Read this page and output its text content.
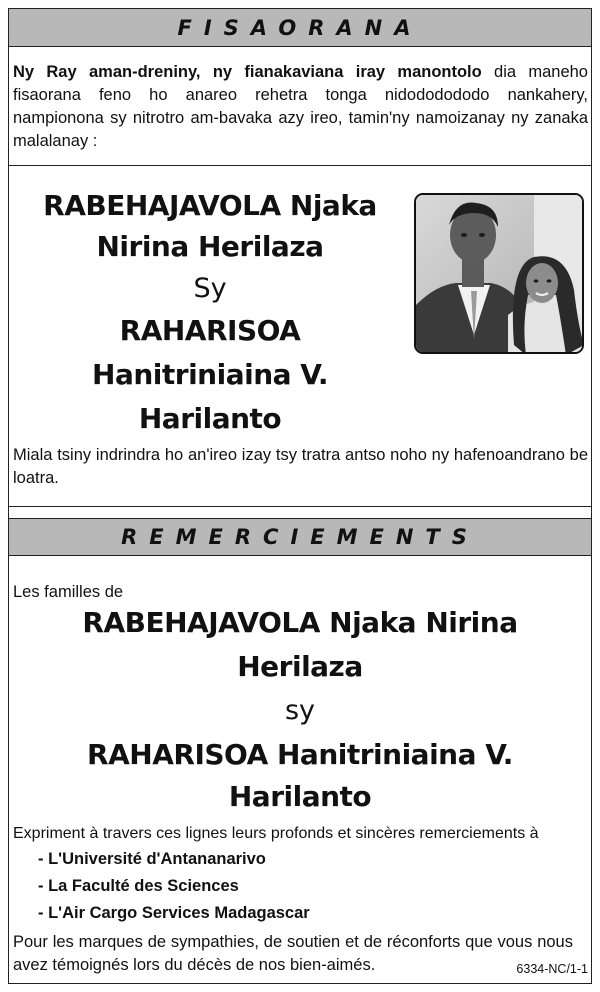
FISAORANA
Ny Ray aman-dreniny, ny fianakaviana iray manontolo dia maneho fisaorana feno ho anareo rehetra tonga nidododododo nankahery, nampionona sy nitrotro am-bavaka azy ireo, tamin'ny namoizanay ny zanaka malalanay :
RABEHAJAVOLA Njaka
Nirina Herilaza
Sy
RAHARISOA
Hanitriniaina V.
Harilanto
Miala tsiny indrindra ho an'ireo izay tsy tratra antso noho ny hafenoandrano be loatra.
REMERCIEMENTS
Les familles de
RABEHAJAVOLA Njaka Nirina
Herilaza
sy
RAHARISOA Hanitriniaina V.
Harilanto
Expriment à travers ces lignes leurs profonds et sincères remerciements à
- L'Université d'Antananarivo
- La Faculté des Sciences
- L'Air Cargo Services Madagascar
Pour les marques de sympathies, de soutien et de réconforts que vous nous avez témoignés lors du décès de nos bien-aimés.	6334-NC/1-1
